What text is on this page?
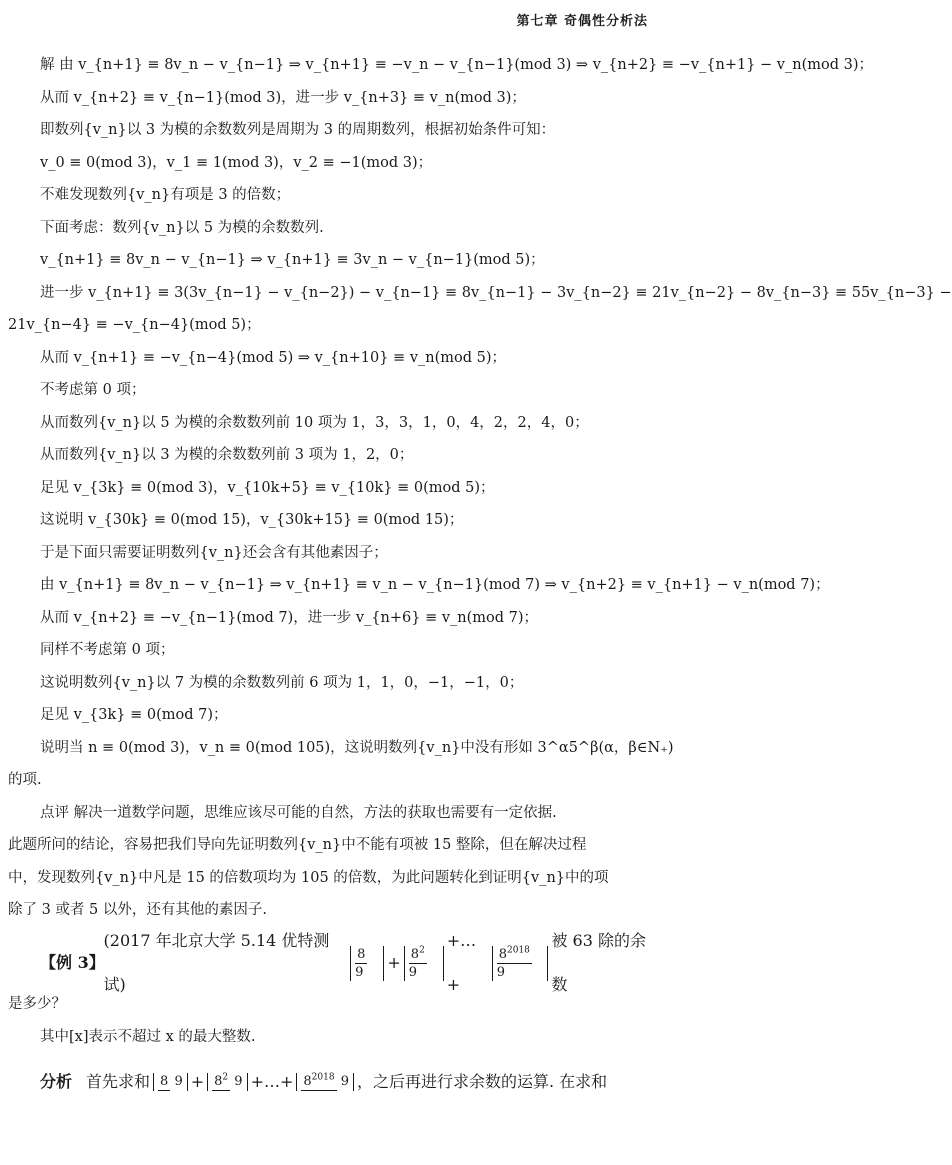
第七章 奇偶性分析法
解 由 v_{n+1} ≡ 8v_n − v_{n−1} ⇒ v_{n+1} ≡ −v_n − v_{n−1}(mod 3) ⇒ v_{n+2} ≡ −v_{n+1} − v_n(mod 3)；
从而 v_{n+2} ≡ v_{n−1}(mod 3)，进一步 v_{n+3} ≡ v_n(mod 3)；
即数列{v_n}以 3 为模的余数数列是周期为 3 的周期数列，根据初始条件可知：
v_0 ≡ 0(mod 3)，v_1 ≡ 1(mod 3)，v_2 ≡ −1(mod 3)；
不难发现数列{v_n}有项是 3 的倍数；
下面考虑：数列{v_n}以 5 为模的余数数列.
v_{n+1} ≡ 8v_n − v_{n−1} ⇒ v_{n+1} ≡ 3v_n − v_{n−1}(mod 5)；
进一步 v_{n+1} ≡ 3(3v_{n−1} − v_{n−2}) − v_{n−1} ≡ 8v_{n−1} − 3v_{n−2} ≡ 21v_{n−2} − 8v_{n−3} ≡ 55v_{n−3} −
21v_{n−4} ≡ −v_{n−4}(mod 5)；
从而 v_{n+1} ≡ −v_{n−4}(mod 5) ⇒ v_{n+10} ≡ v_n(mod 5)；
不考虑第 0 项；
从而数列{v_n}以 5 为模的余数数列前 10 项为 1，3，3，1，0，4，2，2，4，0；
从而数列{v_n}以 3 为模的余数数列前 3 项为 1，2，0；
足见 v_{3k} ≡ 0(mod 3)，v_{10k+5} ≡ v_{10k} ≡ 0(mod 5)；
这说明 v_{30k} ≡ 0(mod 15)，v_{30k+15} ≡ 0(mod 15)；
于是下面只需要证明数列{v_n}还会含有其他素因子；
由 v_{n+1} ≡ 8v_n − v_{n−1} ⇒ v_{n+1} ≡ v_n − v_{n−1}(mod 7) ⇒ v_{n+2} ≡ v_{n+1} − v_n(mod 7)；
从而 v_{n+2} ≡ −v_{n−1}(mod 7)，进一步 v_{n+6} ≡ v_n(mod 7)；
同样不考虑第 0 项；
这说明数列{v_n}以 7 为模的余数数列前 6 项为 1，1，0，−1，−1，0；
足见 v_{3k} ≡ 0(mod 7)；
说明当 n ≡ 0(mod 3)，v_n ≡ 0(mod 105)，这说明数列{v_n}中没有形如 3^α5^β(α，β∈N₊)
的项.
点评 解决一道数学问题，思维应该尽可能的自然，方法的获取也需要有一定依据.
此题所问的结论，容易把我们导向先证明数列{v_n}中不能有项被 15 整除，但在解决过程
中，发现数列{v_n}中凡是 15 的倍数项均为 105 的倍数，为此问题转化到证明{v_n}中的项
除了 3 或者 5 以外，还有其他的素因子.
【例 3】
(2017 年北京大学 5.14 优特测试)
$\frac{8}{9} + \frac{8^2}{9}$
+…+
$\frac{8^{2018}}{9}$
被 63 除的余数
是多少？
其中[x]表示不超过 x 的最大整数.
分析 首先求和 8 $9 + 8^2$ 9 +…+ $8^{2018}$ 9 ，之后再进行求余数的运算. 在求和
